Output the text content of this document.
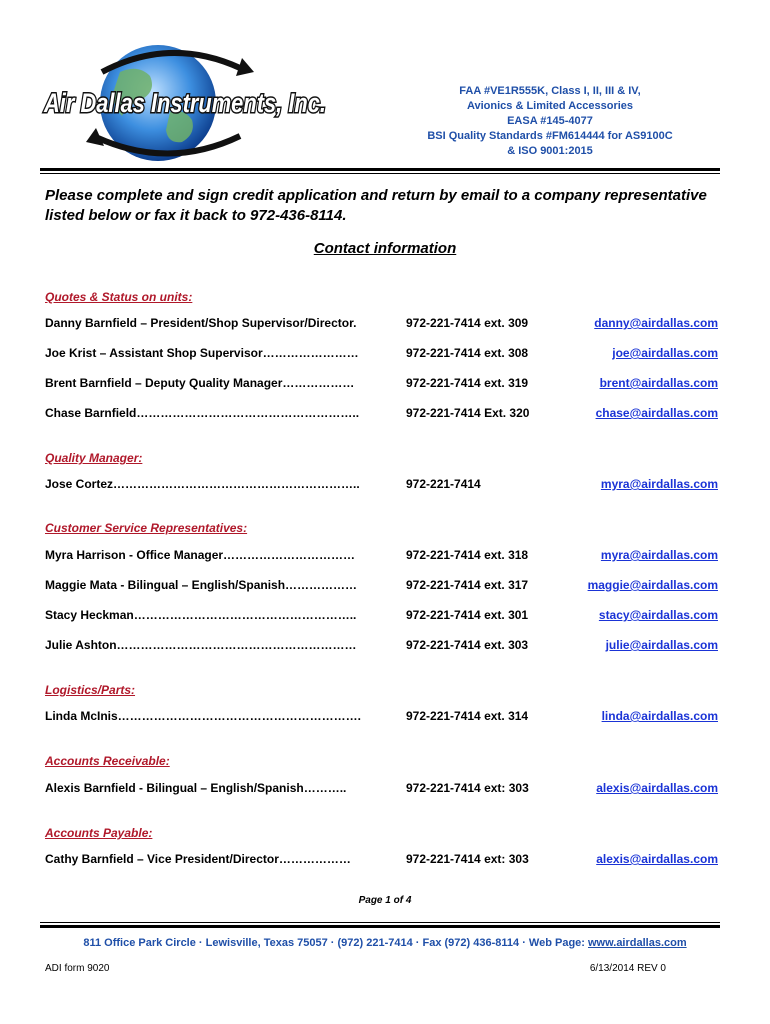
Air Dallas Instruments, Inc.	FAA #VE1R555K, Class I, II, III & IV,
Avionics & Limited Accessories
EASA #145-4077
BSI Quality Standards #FM614444 for AS9100C
& ISO 9001:2015
Please complete and sign credit application and return by email to a company representative
listed below or fax it back to 972-436-8114.
Contact information
Quotes & Status on units:
Danny Barnfield – President/Shop Supervisor/Director.	972-221-7414 ext. 309	danny@airdallas.com
Joe Krist – Assistant Shop Supervisor……………………	972-221-7414 ext. 308	joe@airdallas.com
Brent Barnfield – Deputy Quality Manager………………	972-221-7414 ext. 319	brent@airdallas.com
Chase Barnfield………………………………………………..	972-221-7414 Ext. 320	chase@airdallas.com
Quality Manager:
Jose Cortez……………………………………………………..	972-221-7414	myra@airdallas.com
Customer Service Representatives:
Myra Harrison - Office Manager……………………………	972-221-7414 ext. 318	myra@airdallas.com
Maggie Mata - Bilingual – English/Spanish………………	972-221-7414 ext. 317	maggie@airdallas.com
Stacy Heckman………………………………………………..	972-221-7414 ext. 301	stacy@airdallas.com
Julie Ashton……………………………………………………	972-221-7414 ext. 303	julie@airdallas.com
Logistics/Parts:
Linda McInis…………………………………………………….	972-221-7414 ext. 314	linda@airdallas.com
Accounts Receivable:
Alexis Barnfield - Bilingual – English/Spanish………..	972-221-7414 ext: 303	alexis@airdallas.com
Accounts Payable:
Cathy Barnfield – Vice President/Director………………	972-221-7414 ext: 303	alexis@airdallas.com
Page 1 of 4
811 Office Park Circle · Lewisville, Texas 75057 · (972) 221-7414 · Fax (972) 436-8114 · Web Page: www.airdallas.com
ADI form 9020	6/13/2014 REV 0
